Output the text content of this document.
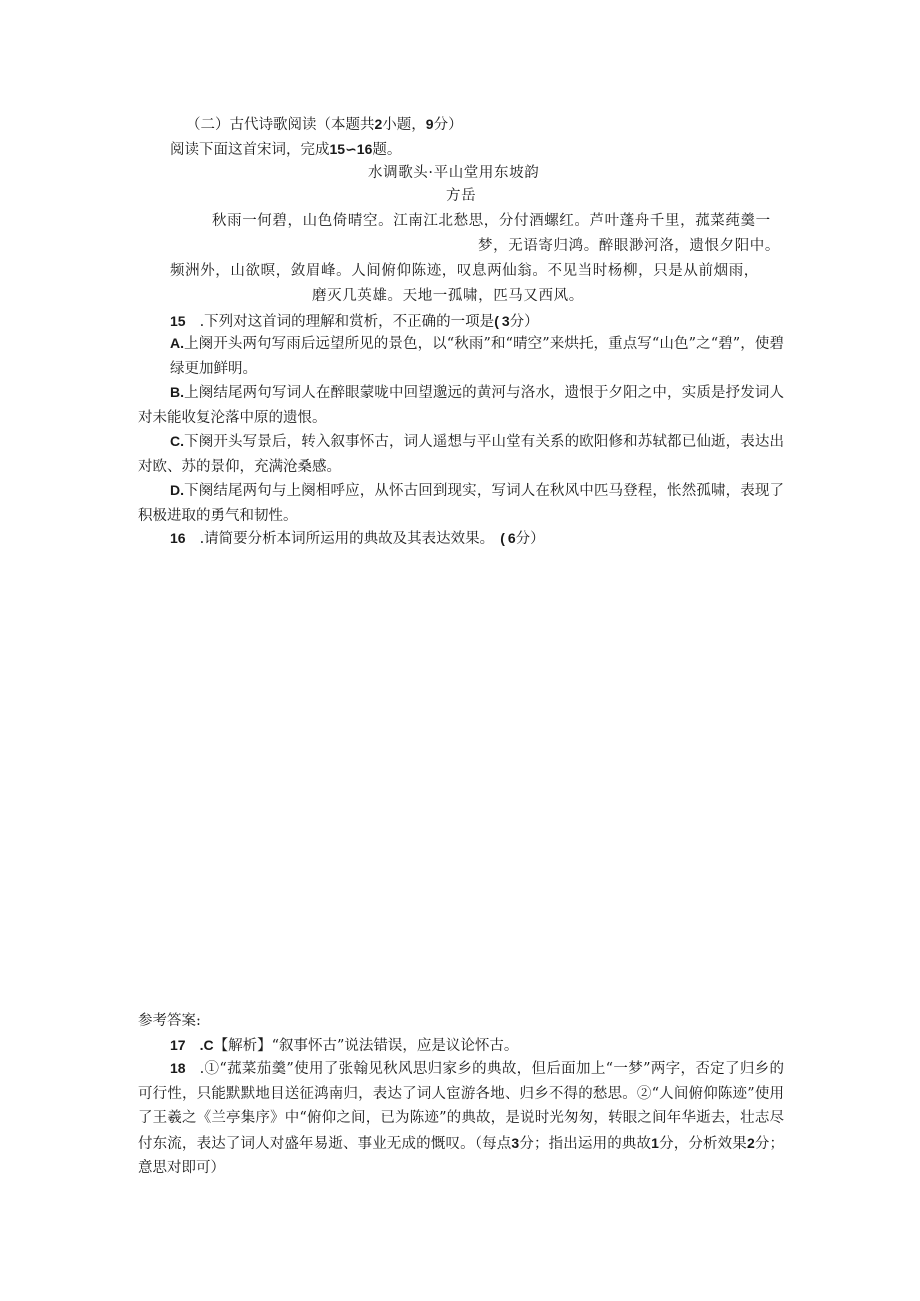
（二）古代诗歌阅读（本题共2小题，9分）
阅读下面这首宋词，完成15∽16题。
水调歌头·平山堂用东坡韵
方岳
秋雨一何碧，山色倚晴空。江南江北愁思，分付酒螺红。芦叶蓬舟千里，菰菜莼羹一
梦，无语寄归鸿。醉眼渺河洛，遗恨夕阳中。
频洲外，山欲暝，敛眉峰。人间俯仰陈迹，叹息两仙翁。不见当时杨柳，只是从前烟雨，
磨灭几英雄。天地一孤啸，匹马又西风。
15 .下列对这首词的理解和赏析，不正确的一项是( 3分）
A.上阕开头两句写雨后远望所见的景色，以“秋雨”和“晴空”来烘托，重点写“山色”之“碧”，使碧绿更加鲜明。
B.上阕结尾两句写词人在醉眼蒙咙中回望邈远的黄河与洛水，遗恨于夕阳之中，实质是抒发词人对未能收复沦落中原的遗恨。
C.下阕开头写景后，转入叙事怀古，词人遥想与平山堂有关系的欧阳修和苏轼都已仙逝，表达出对欧、苏的景仰，充满沧桑感。
D.下阕结尾两句与上阕相呼应，从怀古回到现实，写词人在秋风中匹马登程，怅然孤啸，表现了积极进取的勇气和韧性。
16 .请简要分析本词所运用的典故及其表达效果。 ( 6分）
参考答案:
17 .C【解析】“叙事怀古”说法错误，应是议论怀古。
18 .①“菰菜茄羹”使用了张翰见秋风思归家乡的典故，但后面加上“一梦”两字，否定了归乡的可行性，只能默默地目送征鸿南归，表达了词人宦游各地、归乡不得的愁思。②“人间俯仰陈迹”使用了王羲之《兰亭集序》中“俯仰之间，已为陈迹”的典故，是说时光匆匆，转眼之间年华逝去，壮志尽付东流，表达了词人对盛年易逝、事业无成的慨叹。（每点3分；指出运用的典故1分，分析效果2分；意思对即可）
